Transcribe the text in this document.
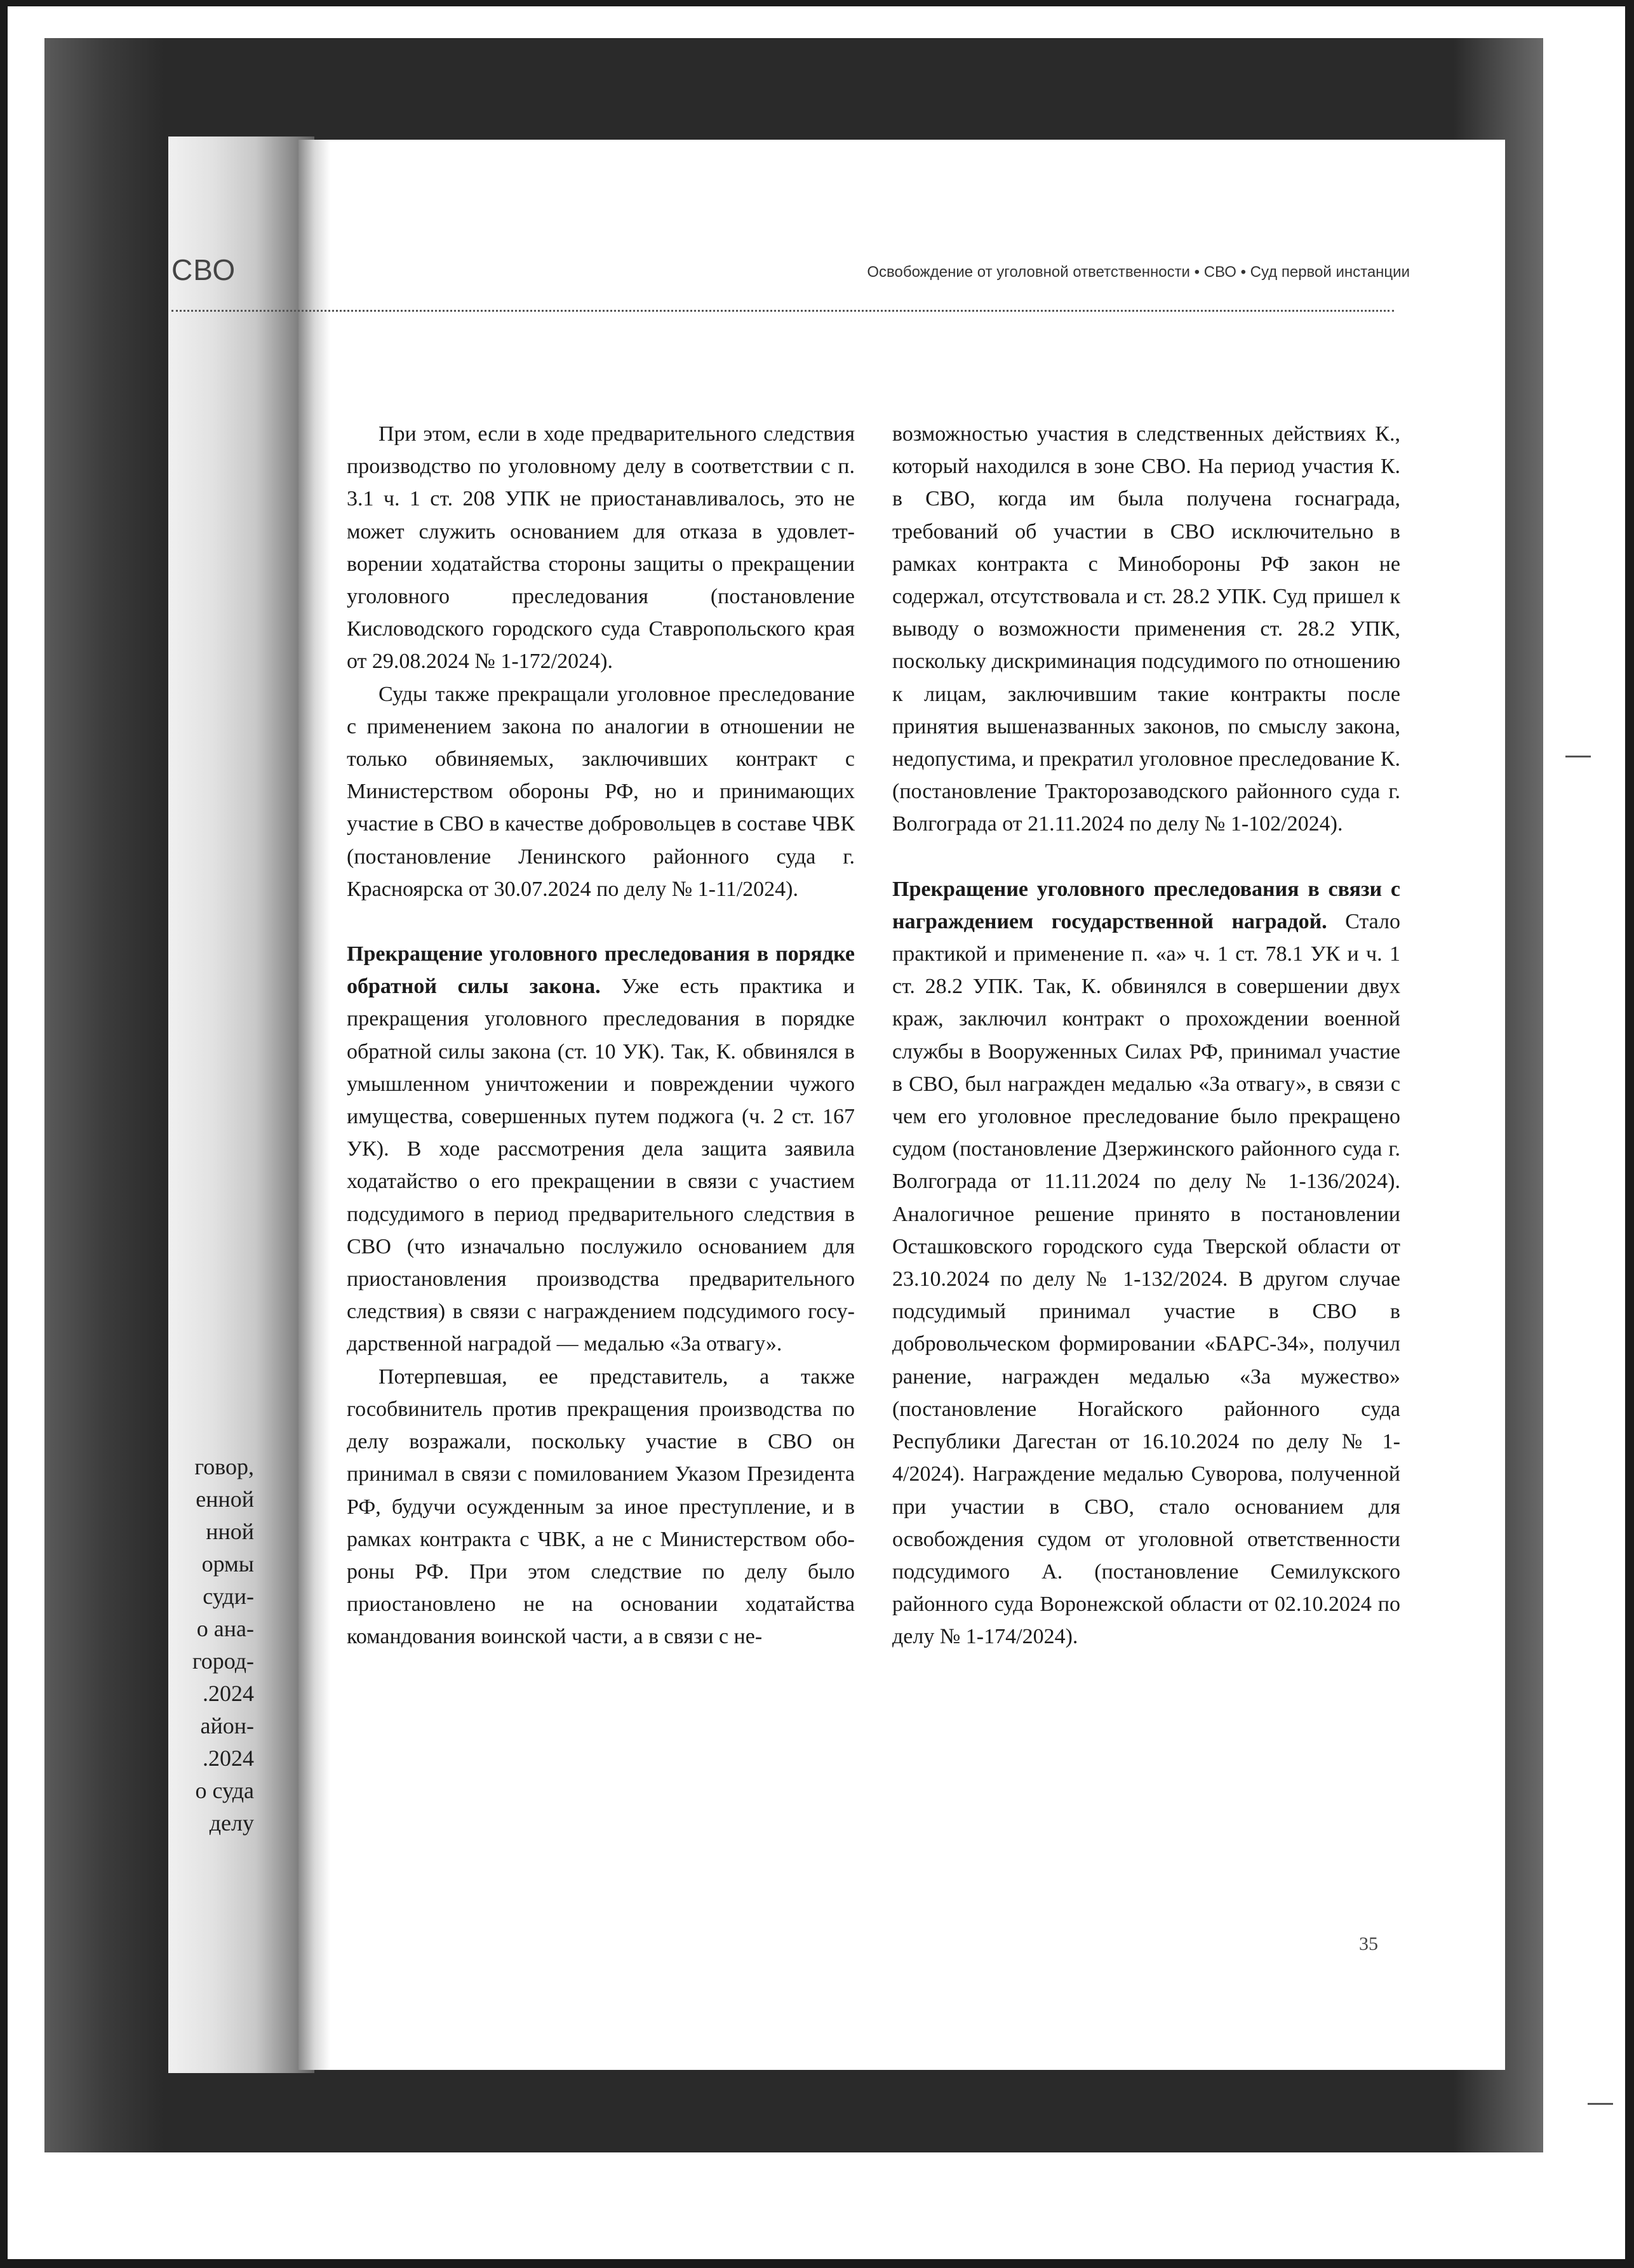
СВО
говор,
енной
нной
ормы
суди-
о ана-
город-
.2024
айон-
.2024
о суда
делу
Освобождение от уголовной ответственности • СВО • Суд первой инстанции

При этом, если в ходе предварительного следствия производство по уголовному делу в соответствии с п. 3.1 ч. 1 ст. 208 УПК не приостанавливалось, это не может служить основанием для отказа в удовлетворении ходатайства стороны защиты о прекращении уголовного преследования (постановление Кисловодского городского суда Ставропольского края от 29.08.2024 № 1-172/2024).

Суды также прекращали уголовное преследование с применением закона по аналогии в отношении не только обвиняемых, заключивших контракт с Министерством обороны РФ, но и принимающих участие в СВО в качестве добровольцев в составе ЧВК (постановление Ленинского районного суда г. Красноярска от 30.07.2024 по делу № 1-11/2024).

Прекращение уголовного преследования в порядке обратной силы закона. Уже есть практика и прекращения уголовного преследования в порядке обратной силы закона (ст. 10 УК). Так, К. обвинялся в умышленном уничтожении и повреждении чужого имущества, совершенных путем поджога (ч. 2 ст. 167 УК). В ходе рассмотрения дела защита заявила ходатайство о его прекращении в связи с участием подсудимого в период предварительного следствия в СВО (что изначально послужило основанием для приостановления производства предварительного следствия) в связи с награждением подсудимого государственной наградой — медалью «За отвагу».

Потерпевшая, ее представитель, а также гособвинитель против прекращения производства по делу возражали, поскольку участие в СВО он принимал в связи с помилованием Указом Президента РФ, будучи осужденным за иное преступление, и в рамках контракта с ЧВК, а не с Министерством обороны РФ. При этом следствие по делу было приостановлено не на основании ходатайства командования воинской части, а в связи с не-

возможностью участия в следственных действиях К., который находился в зоне СВО. На период участия К. в СВО, когда им была получена госнаграда, требований об участии в СВО исключительно в рамках контракта с Минобороны РФ закон не содержал, отсутствовала и ст. 28.2 УПК. Суд пришел к выводу о возможности применения ст. 28.2 УПК, поскольку дискриминация подсудимого по отношению к лицам, заключившим такие контракты после принятия вышеназванных законов, по смыслу закона, недопустима, и прекратил уголовное преследование К. (постановление Тракторозаводского районного суда г. Волгограда от 21.11.2024 по делу № 1-102/2024).

Прекращение уголовного преследования в связи с награждением государственной наградой. Стало практикой и применение п. «а» ч. 1 ст. 78.1 УК и ч. 1 ст. 28.2 УПК. Так, К. обвинялся в совершении двух краж, заключил контракт о прохождении военной службы в Вооруженных Силах РФ, принимал участие в СВО, был награжден медалью «За отвагу», в связи с чем его уголовное преследование было прекращено судом (постановление Дзержинского районного суда г. Волгограда от 11.11.2024 по делу № 1-136/2024). Аналогичное решение принято в постановлении Осташковского городского суда Тверской области от 23.10.2024 по делу № 1-132/2024. В другом случае подсудимый принимал участие в СВО в добровольческом формировании «БАРС-34», получил ранение, награжден медалью «За мужество» (постановление Ногайского районного суда Республики Дагестан от 16.10.2024 по делу № 1-4/2024). Награждение медалью Суворова, полученной при участии в СВО, стало основанием для освобождения судом от уголовной ответственности подсудимого А. (постановление Семилукского районного суда Воронежской области от 02.10.2024 по делу № 1-174/2024).

35
